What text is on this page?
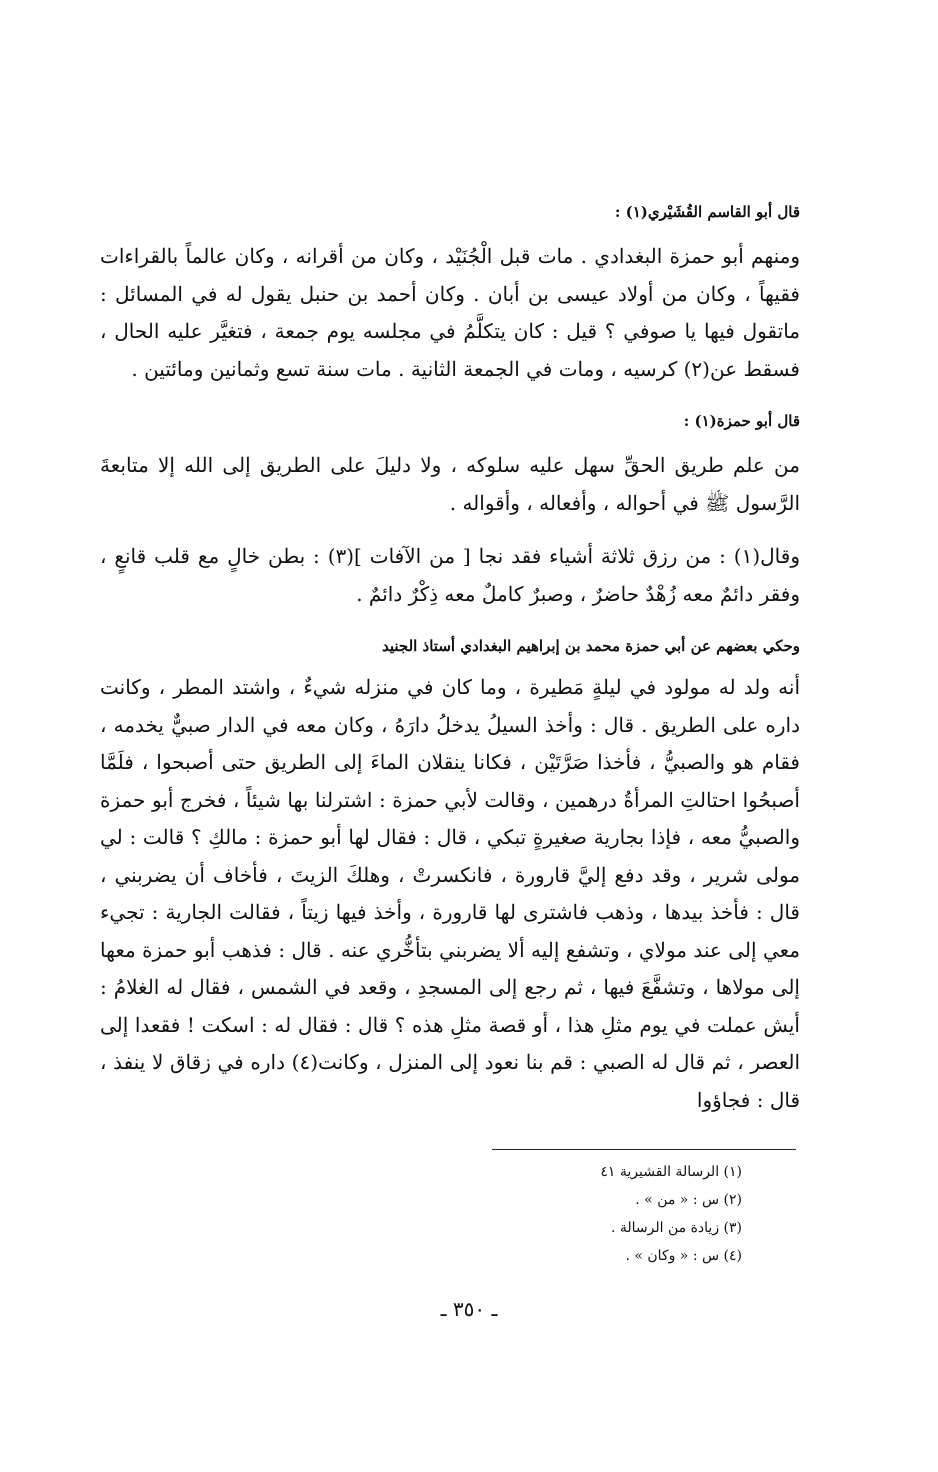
قال أبو القاسم القُشَيْري(١) :
ومنهم أبو حمزة البغدادي . مات قبل الْجُنَيْد ، وكان من أقرانه ، وكان عالماً بالقراءات فقيهاً ، وكان من أولاد عيسى بن أبان . وكان أحمد بن حنبل يقول له في المسائل : ماتقول فيها يا صوفي ؟ قيل : كان يتكلَّمُ في مجلسه يوم جمعة ، فتغيَّر عليه الحال ، فسقط عن(٢) كرسيه ، ومات في الجمعة الثانية . مات سنة تسع وثمانين ومائتين .
قال أبو حمزة(١) :
من علم طريق الحقِّ سهل عليه سلوكه ، ولا دليلَ على الطريق إلى الله إلا متابعةَ الرَّسول ﷺ في أحواله ، وأفعاله ، وأقواله .
وقال(١) : من رزق ثلاثة أشياء فقد نجا [ من الآفات ](٣) : بطن خالٍ مع قلب قانعٍ ، وفقر دائمٌ معه زُهْدٌ حاضرٌ ، وصبرٌ كاملٌ معه ذِكْرٌ دائمٌ .
وحكي بعضهم عن أبي حمزة محمد بن إبراهيم البغدادي أستاذ الجنيد
أنه ولد له مولود في ليلةٍ مَطيرة ، وما كان في منزله شيءٌ ، واشتد المطر ، وكانت داره على الطريق . قال : وأخذ السيلُ يدخلُ دارَهُ ، وكان معه في الدار صبيٌّ يخدمه ، فقام هو والصبيُّ ، فأخذا صَرَّتَيْن ، فكانا ينقلان الماءَ إلى الطريق حتى أصبحوا ، فلَمَّا أصبحُوا احتالتِ المرأةُ درهمين ، وقالت لأبي حمزة : اشترلنا بها شيئاً ، فخرج أبو حمزة والصبيُّ معه ، فإذا بجارية صغيرةٍ تبكي ، قال : فقال لها أبو حمزة : مالكِ ؟ قالت : لي مولى شرير ، وقد دفع إليَّ قارورة ، فانكسرتْ ، وهلكَ الزيتَ ، فأخاف أن يضربني ، قال : فأخذ بيدها ، وذهب فاشترى لها قارورة ، وأخذ فيها زيتاً ، فقالت الجارية : تجيء معي إلى عند مولاي ، وتشفع إليه ألا يضربني بتأخُّري عنه . قال : فذهب أبو حمزة معها إلى مولاها ، وتشفَّعَ فيها ، ثم رجع إلى المسجدِ ، وقعد في الشمس ، فقال له الغلامُ : أيش عملت في يوم مثلِ هذا ، أو قصة مثلِ هذه ؟ قال : فقال له : اسكت ! فقعدا إلى العصر ، ثم قال له الصبي : قم بنا نعود إلى المنزل ، وكانت(٤) داره في زقاق لا ينفذ ، قال : فجاؤوا
(١) الرسالة القشيرية ٤١
(٢) س : « من » .
(٣) زيادة من الرسالة .
(٤) س : « وكان » .
ـ ٣٥٠ ـ
